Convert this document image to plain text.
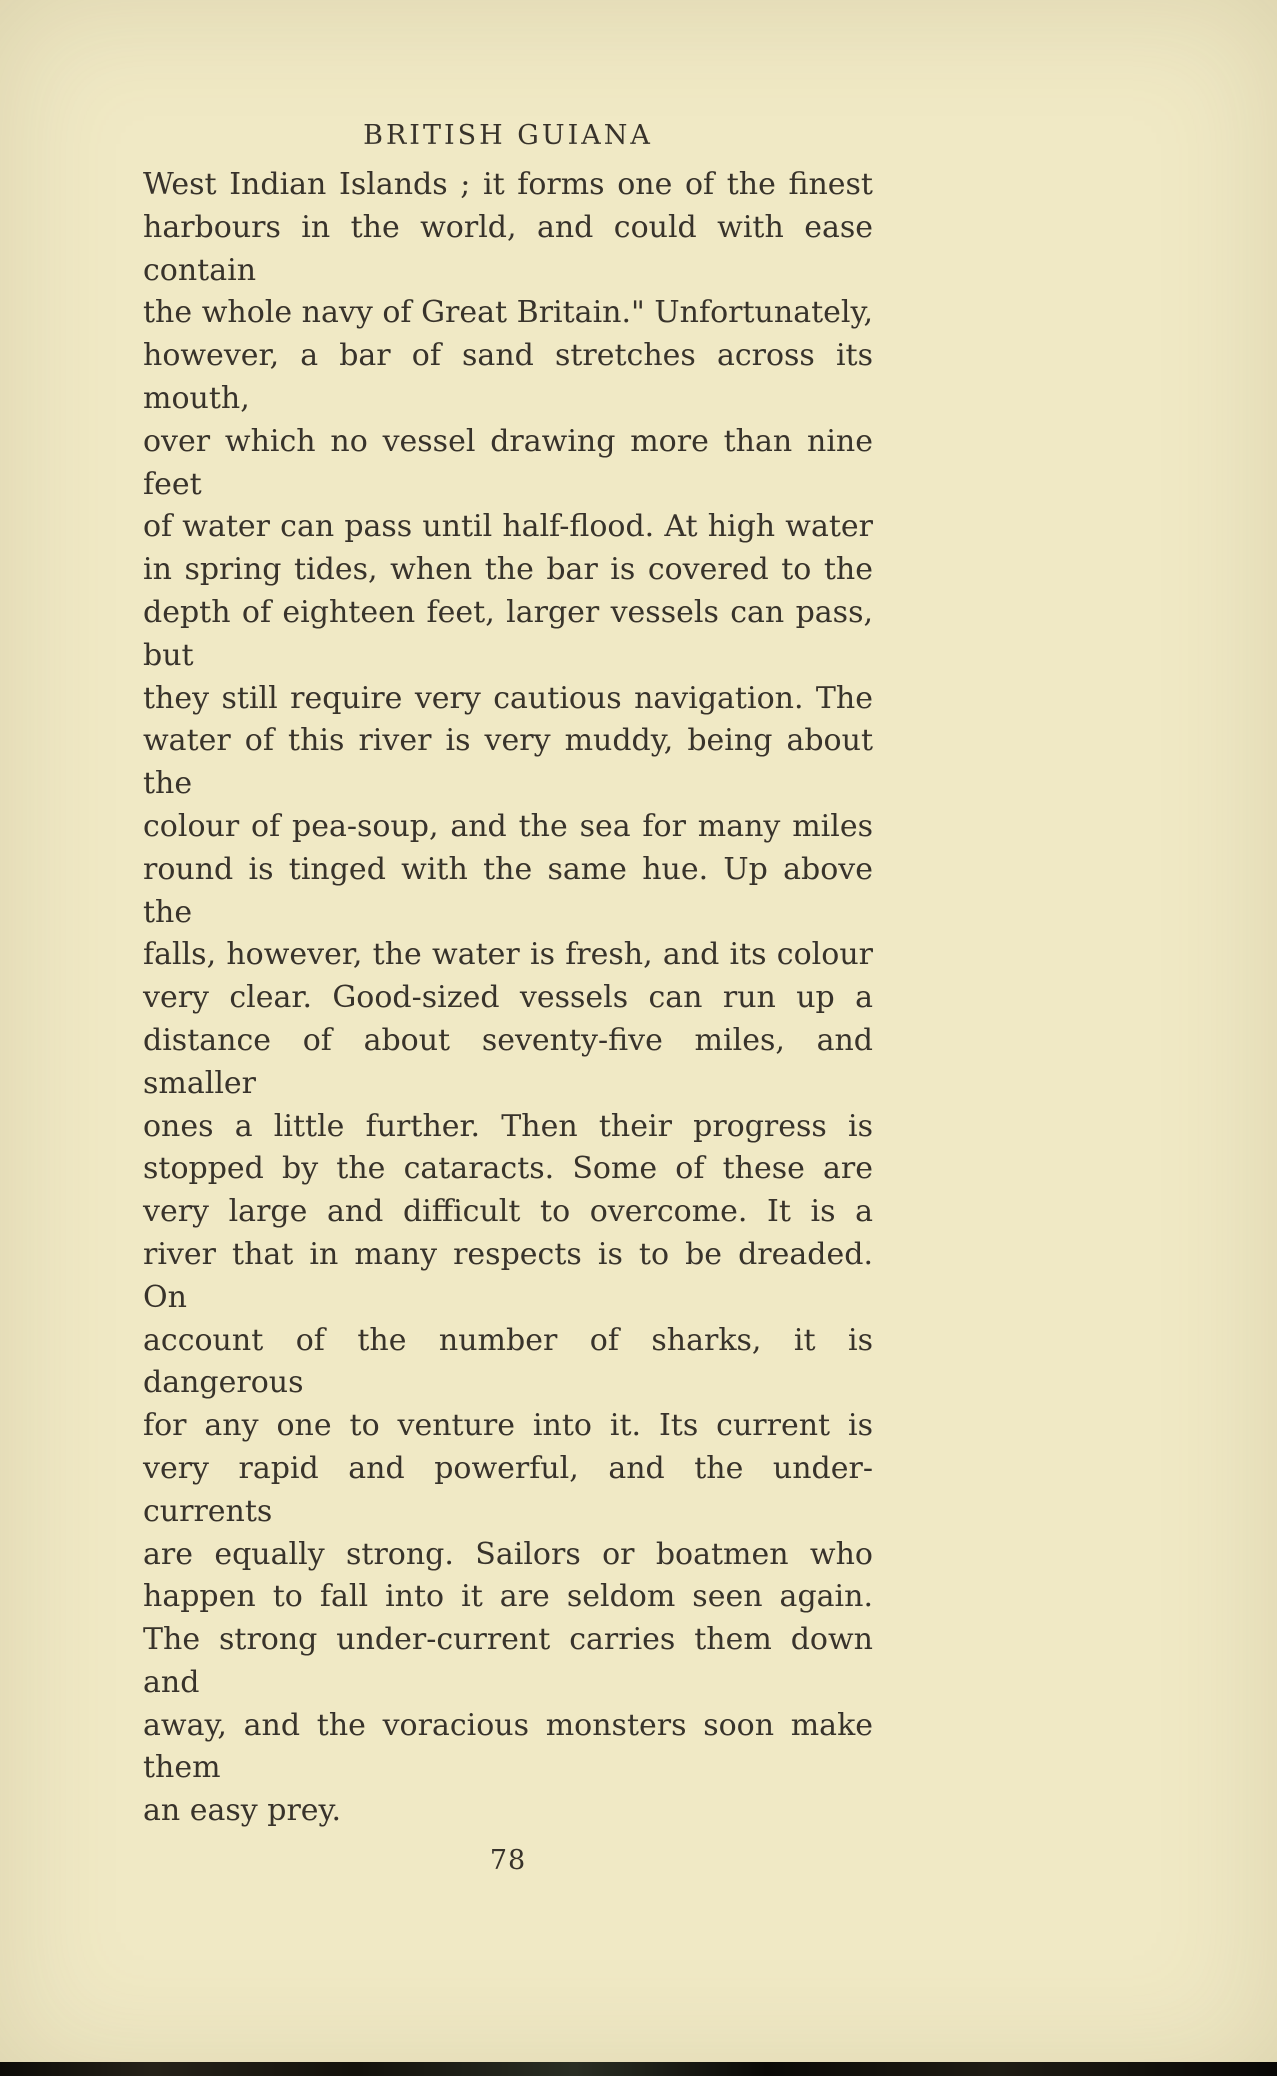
BRITISH GUIANA
West Indian Islands ; it forms one of the finest
harbours in the world, and could with ease contain
the whole navy of Great Britain." Unfortunately,
however, a bar of sand stretches across its mouth,
over which no vessel drawing more than nine feet
of water can pass until half-flood. At high water
in spring tides, when the bar is covered to the
depth of eighteen feet, larger vessels can pass, but
they still require very cautious navigation. The
water of this river is very muddy, being about the
colour of pea-soup, and the sea for many miles
round is tinged with the same hue. Up above the
falls, however, the water is fresh, and its colour
very clear. Good-sized vessels can run up a
distance of about seventy-five miles, and smaller
ones a little further. Then their progress is
stopped by the cataracts. Some of these are
very large and difficult to overcome. It is a
river that in many respects is to be dreaded. On
account of the number of sharks, it is dangerous
for any one to venture into it. Its current is
very rapid and powerful, and the under-currents
are equally strong. Sailors or boatmen who
happen to fall into it are seldom seen again.
The strong under-current carries them down and
away, and the voracious monsters soon make them
an easy prey.
78
